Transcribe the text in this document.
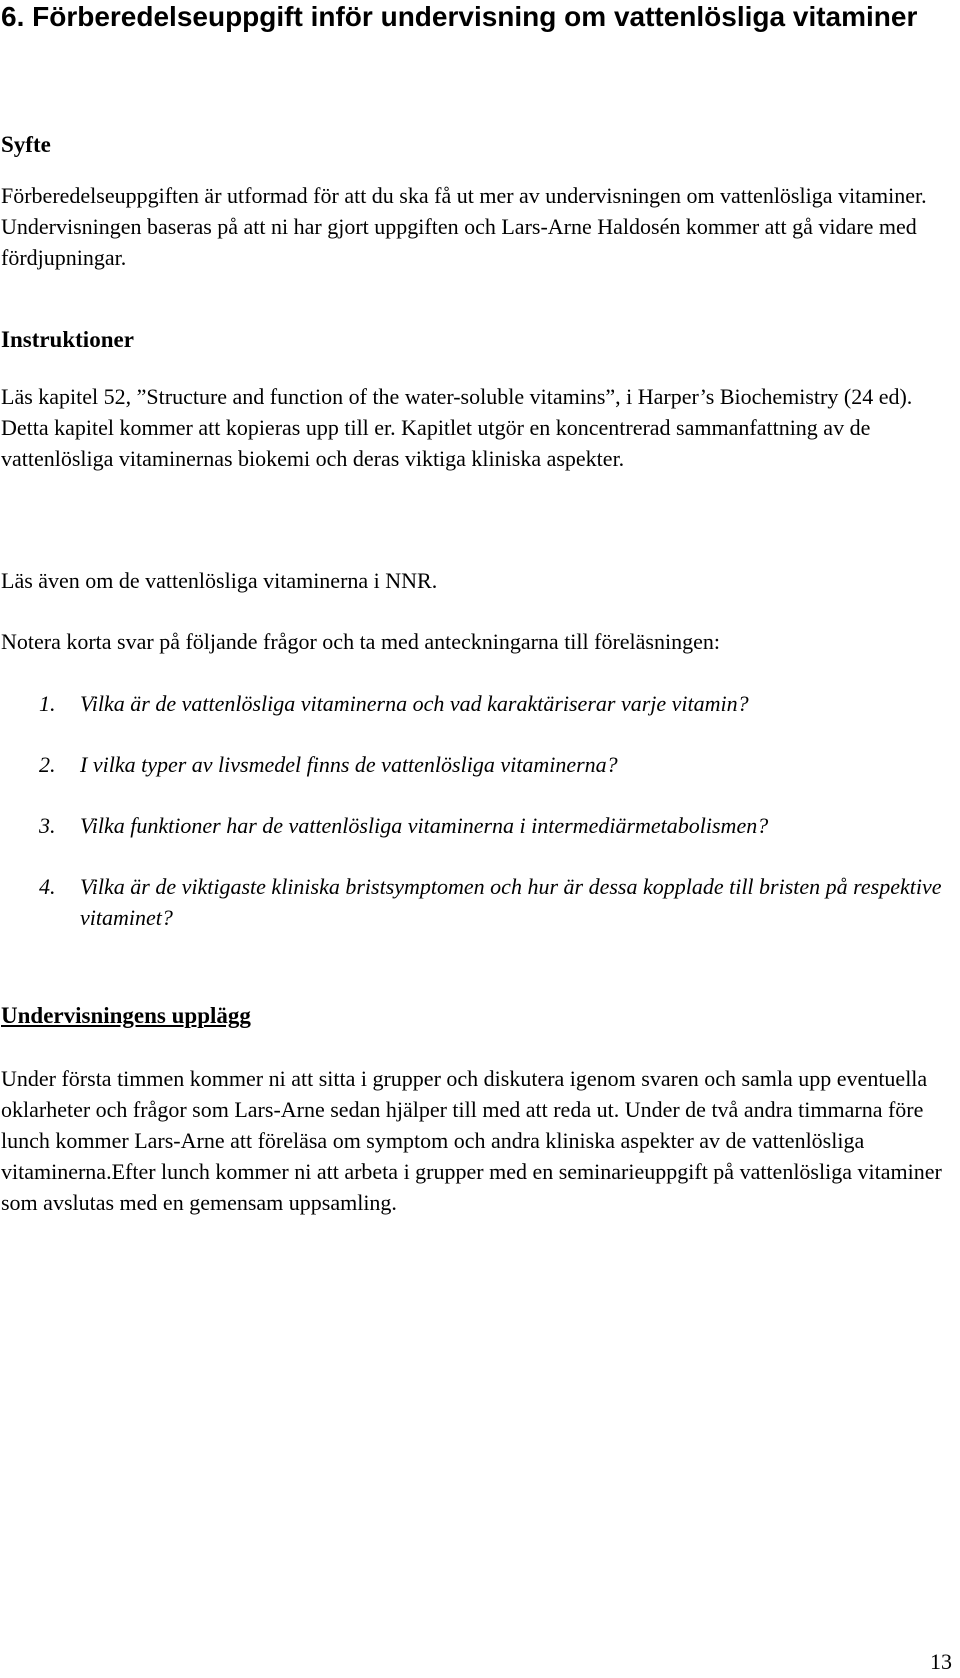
6. Förberedelseuppgift inför undervisning om vattenlösliga vitaminer
Syfte

Förberedelseuppgiften är utformad för att du ska få ut mer av undervisningen om vattenlösliga vitaminer. Undervisningen baseras på att ni har gjort uppgiften och Lars-Arne Haldosén kommer att gå vidare med fördjupningar.

Instruktioner

Läs kapitel 52, ”Structure and function of the water-soluble vitamins”, i Harper’s Biochemistry (24 ed). Detta kapitel kommer att kopieras upp till er. Kapitlet utgör en koncentrerad sammanfattning av de vattenlösliga vitaminernas biokemi och deras viktiga kliniska aspekter.

Läs även om de vattenlösliga vitaminerna i NNR.

Notera korta svar på följande frågor och ta med anteckningarna till föreläsningen:

1.	Vilka är de vattenlösliga vitaminerna och vad karaktäriserar varje vitamin?
2.	I vilka typer av livsmedel finns de vattenlösliga vitaminerna?
3.	Vilka funktioner har de vattenlösliga vitaminerna i intermediärmetabolismen?
4.	Vilka är de viktigaste kliniska bristsymptomen och hur är dessa kopplade till bristen på respektive vitaminet?
Undervisningens upplägg

Under första timmen kommer ni att sitta i grupper och diskutera igenom svaren och samla upp eventuella oklarheter och frågor som Lars-Arne sedan hjälper till med att reda ut. Under de två andra timmarna före lunch kommer Lars-Arne att föreläsa om symptom och andra kliniska aspekter av de vattenlösliga vitaminerna.Efter lunch kommer ni att arbeta i grupper med en seminarieuppgift på vattenlösliga vitaminer som avslutas med en gemensam uppsamling.

13
